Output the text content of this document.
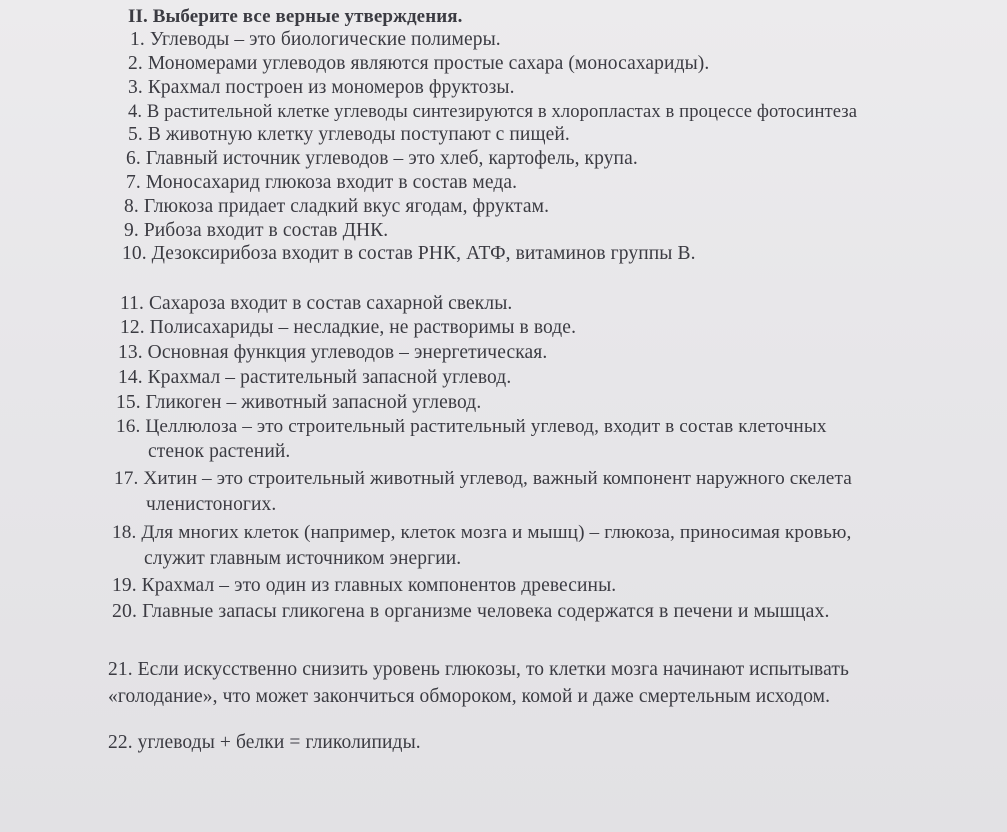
II. Выберите все верные утверждения.
1. Углеводы – это биологические полимеры.
2. Мономерами углеводов являются простые сахара (моносахариды).
3. Крахмал построен из мономеров фруктозы.
4. В растительной клетке углеводы синтезируются в хлоропластах в процессе фотосинтеза
5. В животную клетку углеводы поступают с пищей.
6. Главный источник углеводов – это хлеб, картофель, крупа.
7. Моносахарид глюкоза входит в состав меда.
8. Глюкоза придает сладкий вкус ягодам, фруктам.
9. Рибоза входит в состав ДНК.
10. Дезоксирибоза входит в состав РНК, АТФ, витаминов группы В.
11. Сахароза входит в состав сахарной свеклы.
12. Полисахариды – несладкие, не растворимы в воде.
13. Основная функция углеводов – энергетическая.
14. Крахмал – растительный запасной углевод.
15. Гликоген – животный запасной углевод.
16. Целлюлоза – это строительный растительный углевод, входит в состав клеточных
стенок растений.
17. Хитин – это строительный животный углевод, важный компонент наружного скелета
членистоногих.
18. Для многих клеток (например, клеток мозга и мышц) – глюкоза, приносимая кровью,
служит главным источником энергии.
19. Крахмал – это один из главных компонентов древесины.
20. Главные запасы гликогена в организме человека содержатся в печени и мышцах.
21. Если искусственно снизить уровень глюкозы, то клетки мозга начинают испытывать
«голодание», что может закончиться обмороком, комой и даже смертельным исходом.
22. углеводы + белки = гликолипиды.
